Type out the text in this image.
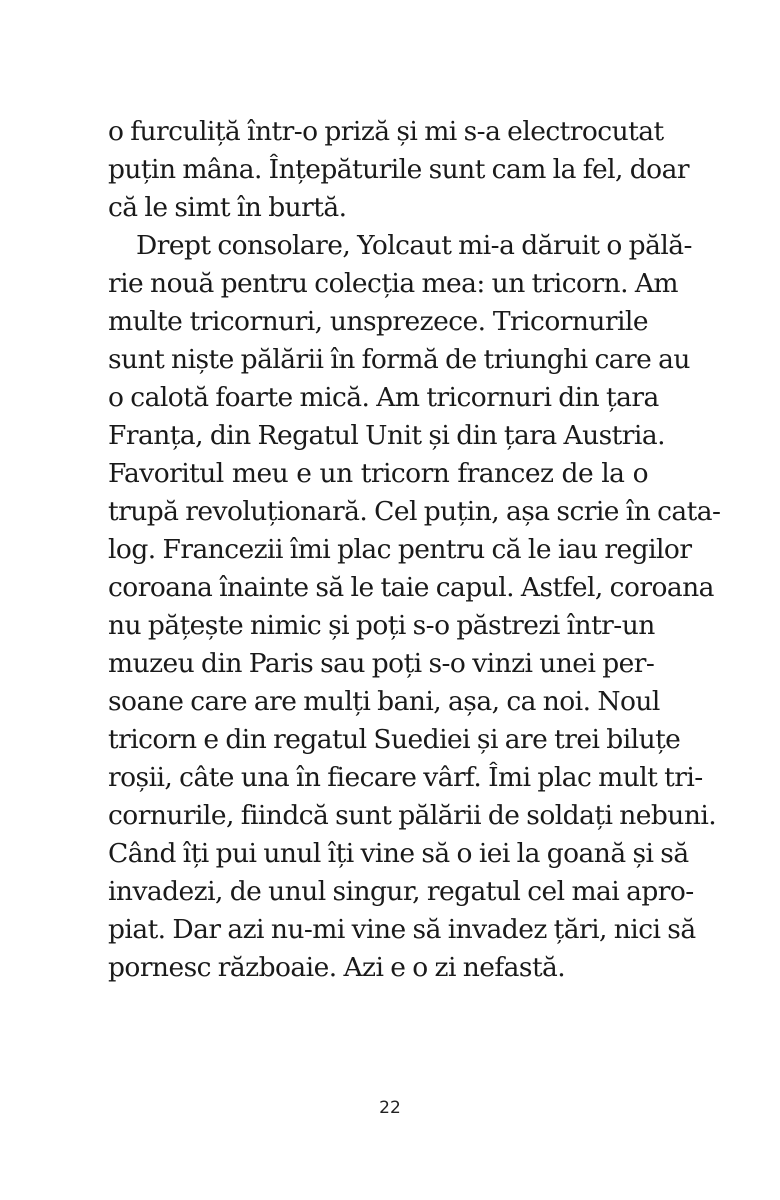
o furculiță într-o priză și mi s-a electrocutat
puțin mâna. Înțepăturile sunt cam la fel, doar
că le simt în burtă.
Drept consolare, Yolcaut mi-a dăruit o pălă-
rie nouă pentru colecția mea: un tricorn. Am
multe tricornuri, unsprezece. Tricornurile
sunt niște pălării în formă de triunghi care au
o calotă foarte mică. Am tricornuri din țara
Franța, din Regatul Unit și din țara Austria.
Favoritul meu e un tricorn francez de la o
trupă revoluționară. Cel puțin, așa scrie în cata-
log. Francezii îmi plac pentru că le iau regilor
coroana înainte să le taie capul. Astfel, coroana
nu pățește nimic și poți s-o păstrezi într-un
muzeu din Paris sau poți s-o vinzi unei per-
soane care are mulți bani, așa, ca noi. Noul
tricorn e din regatul Suediei și are trei biluțe
roșii, câte una în fiecare vârf. Îmi plac mult tri-
cornurile, fiindcă sunt pălării de soldați nebuni.
Când îți pui unul îți vine să o iei la goană și să
invadezi, de unul singur, regatul cel mai apro-
piat. Dar azi nu-mi vine să invadez țări, nici să
pornesc războaie. Azi e o zi nefastă.
22
